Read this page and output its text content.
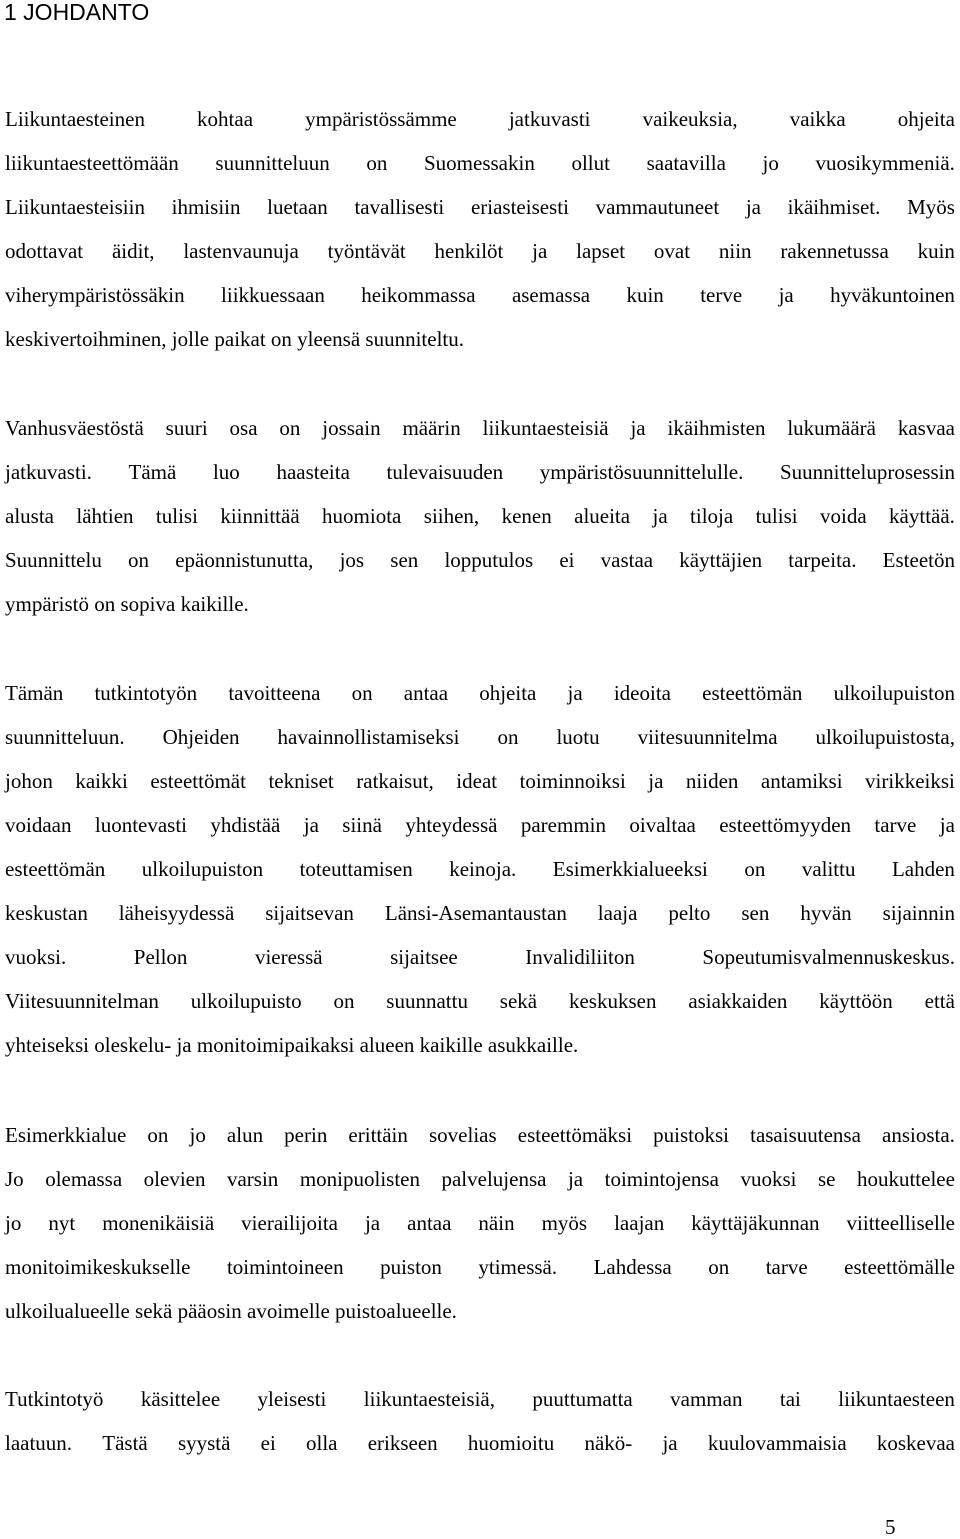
1 JOHDANTO
Liikuntaesteinen kohtaa ympäristössämme jatkuvasti vaikeuksia, vaikka ohjeita
liikuntaesteettömään suunnitteluun on Suomessakin ollut saatavilla jo vuosikymmeniä.
Liikuntaesteisiin ihmisiin luetaan tavallisesti eriasteisesti vammautuneet ja ikäihmiset. Myös
odottavat äidit, lastenvaunuja työntävät henkilöt ja lapset ovat niin rakennetussa kuin
viherympäristössäkin liikkuessaan heikommassa asemassa kuin terve ja hyväkuntoinen
keskivertoihminen, jolle paikat on yleensä suunniteltu.
Vanhusväestöstä suuri osa on jossain määrin liikuntaesteisiä ja ikäihmisten lukumäärä kasvaa
jatkuvasti. Tämä luo haasteita tulevaisuuden ympäristösuunnittelulle. Suunnitteluprosessin
alusta lähtien tulisi kiinnittää huomiota siihen, kenen alueita ja tiloja tulisi voida käyttää.
Suunnittelu on epäonnistunutta, jos sen lopputulos ei vastaa käyttäjien tarpeita. Esteetön
ympäristö on sopiva kaikille.
Tämän tutkintotyön tavoitteena on antaa ohjeita ja ideoita esteettömän ulkoilupuiston
suunnitteluun. Ohjeiden havainnollistamiseksi on luotu viitesuunnitelma ulkoilupuistosta,
johon kaikki esteettömät tekniset ratkaisut, ideat toiminnoiksi ja niiden antamiksi virikkeiksi
voidaan luontevasti yhdistää ja siinä yhteydessä paremmin oivaltaa esteettömyyden tarve ja
esteettömän ulkoilupuiston toteuttamisen keinoja. Esimerkkialueeksi on valittu Lahden
keskustan läheisyydessä sijaitsevan Länsi-Asemantaustan laaja pelto sen hyvän sijainnin
vuoksi.	Pellon	vieressä	sijaitsee	Invalidiliiton	Sopeutumisvalmennuskeskus.
Viitesuunnitelman ulkoilupuisto on suunnattu sekä keskuksen asiakkaiden käyttöön että
yhteiseksi oleskelu- ja monitoimipaikaksi alueen kaikille asukkaille.
Esimerkkialue on jo alun perin erittäin sovelias esteettömäksi puistoksi tasaisuutensa ansiosta.
Jo olemassa olevien varsin monipuolisten palvelujensa ja toimintojensa vuoksi se houkuttelee
jo nyt monenikäisiä vierailijoita ja antaa näin myös laajan käyttäjäkunnan viitteelliselle
monitoimikeskukselle toimintoineen puiston ytimessä. Lahdessa on tarve esteettömälle
ulkoilualueelle sekä pääosin avoimelle puistoalueelle.
Tutkintotyö käsittelee yleisesti liikuntaesteisiä, puuttumatta vamman tai liikuntaesteen
laatuun. Tästä syystä ei olla erikseen huomioitu näkö- ja kuulovammaisia koskevaa
5
